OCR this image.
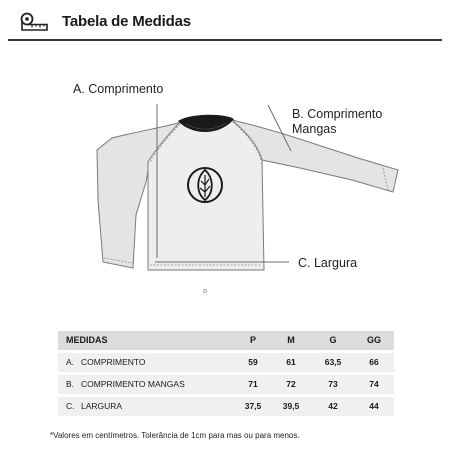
Tabela de Medidas
D
A. Comprimento
B. Comprimento Mangas
C. Largura
MEDIDAS	P	M	G	GG
A. COMPRIMENTO	59	61	63,5	66
B. COMPRIMENTO MANGAS	71	72	73	74
C. LARGURA	37,5	39,5	42	44
*Valores em centímetros. Tolerância de 1cm para mas ou para menos.
